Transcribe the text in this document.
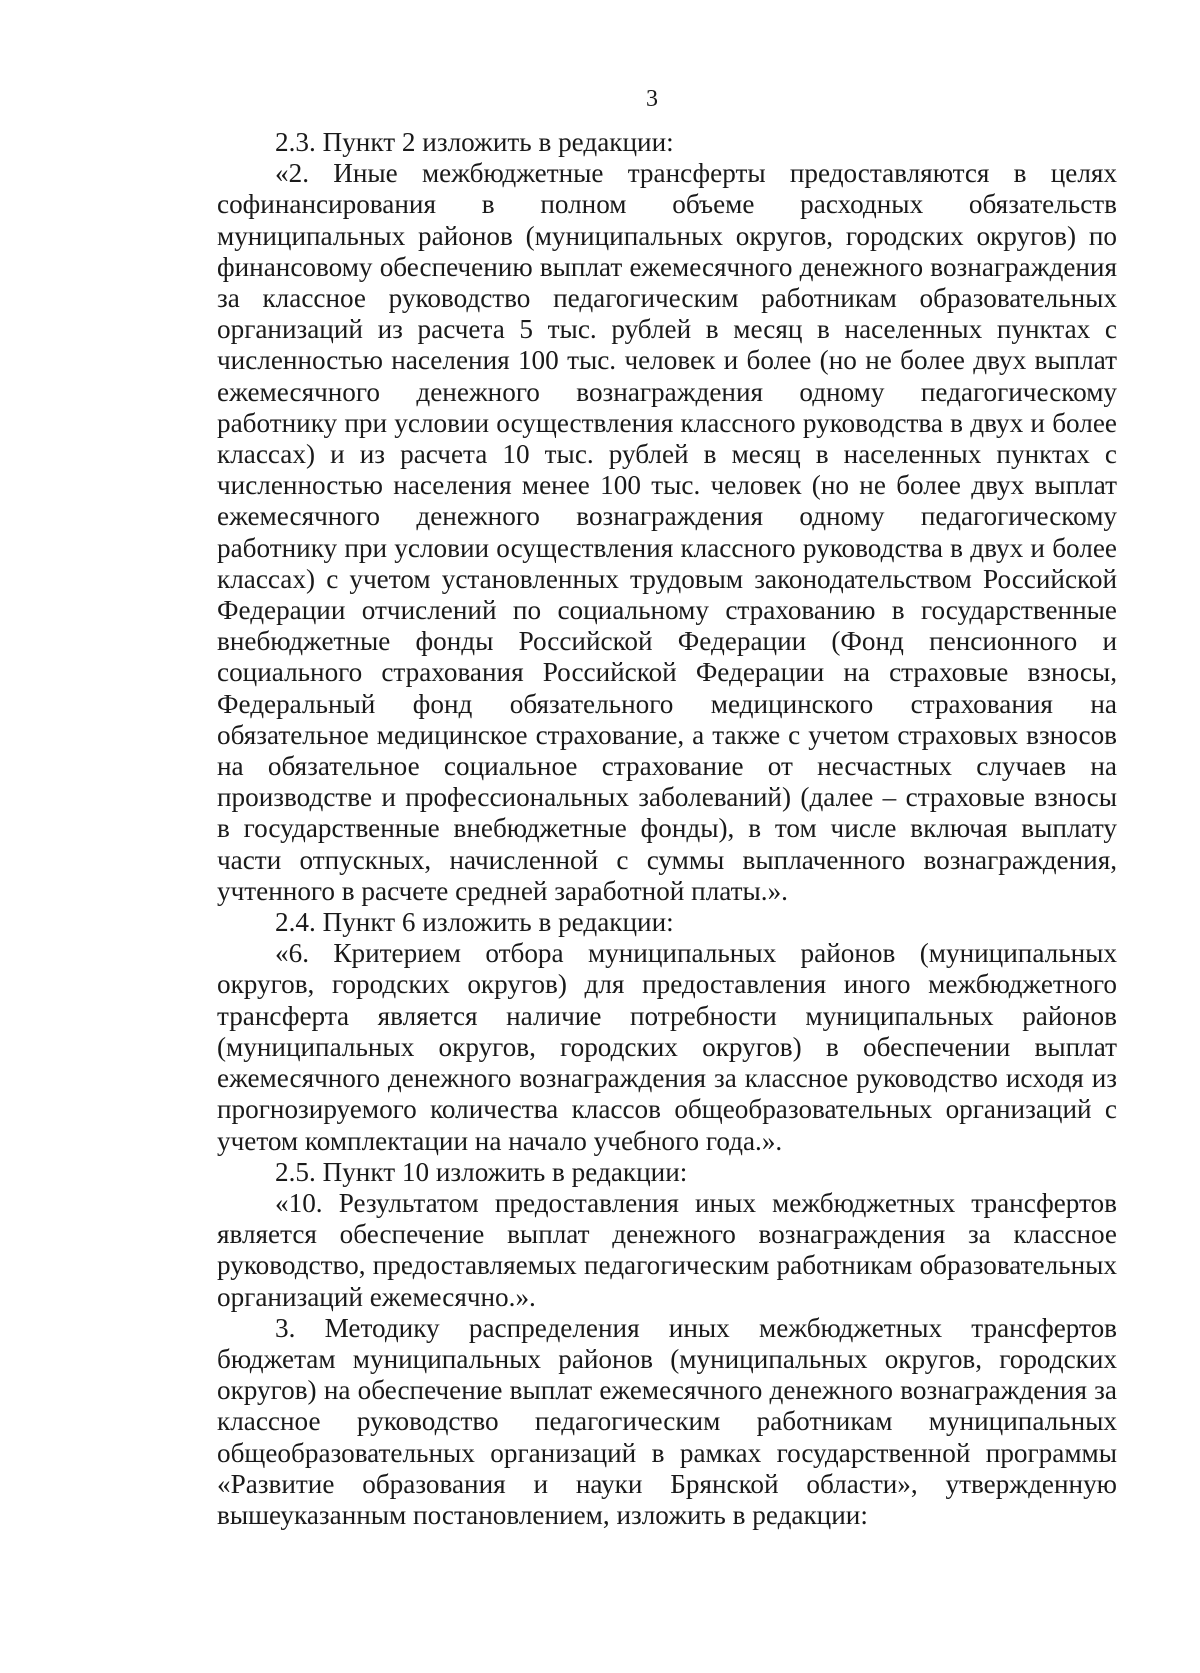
3

2.3. Пункт 2 изложить в редакции:

«2. Иные межбюджетные трансферты предоставляются в целях софинансирования в полном объеме расходных обязательств муниципальных районов (муниципальных округов, городских округов) по финансовому обеспечению выплат ежемесячного денежного вознаграждения за классное руководство педагогическим работникам образовательных организаций из расчета 5 тыс. рублей в месяц в населенных пунктах с численностью населения 100 тыс. человек и более (но не более двух выплат ежемесячного денежного вознаграждения одному педагогическому работнику при условии осуществления классного руководства в двух и более классах) и из расчета 10 тыс. рублей в месяц в населенных пунктах с численностью населения менее 100 тыс. человек (но не более двух выплат ежемесячного денежного вознаграждения одному педагогическому работнику при условии осуществления классного руководства в двух и более классах) с учетом установленных трудовым законодательством Российской Федерации отчислений по социальному страхованию в государственные внебюджетные фонды Российской Федерации (Фонд пенсионного и социального страхования Российской Федерации на страховые взносы, Федеральный фонд обязательного медицинского страхования на обязательное медицинское страхование, а также с учетом страховых взносов на обязательное социальное страхование от несчастных случаев на производстве и профессиональных заболеваний) (далее – страховые взносы в государственные внебюджетные фонды), в том числе включая выплату части отпускных, начисленной с суммы выплаченного вознаграждения, учтенного в расчете средней заработной платы.».

2.4. Пункт 6 изложить в редакции:

«6. Критерием отбора муниципальных районов (муниципальных округов, городских округов) для предоставления иного межбюджетного трансферта является наличие потребности муниципальных районов (муниципальных округов, городских округов) в обеспечении выплат ежемесячного денежного вознаграждения за классное руководство исходя из прогнозируемого количества классов общеобразовательных организаций с учетом комплектации на начало учебного года.».

2.5. Пункт 10 изложить в редакции:

«10. Результатом предоставления иных межбюджетных трансфертов является обеспечение выплат денежного вознаграждения за классное руководство, предоставляемых педагогическим работникам образовательных организаций ежемесячно.».

3. Методику распределения иных межбюджетных трансфертов бюджетам муниципальных районов (муниципальных округов, городских округов) на обеспечение выплат ежемесячного денежного вознаграждения за классное руководство педагогическим работникам муниципальных общеобразовательных организаций в рамках государственной программы «Развитие образования и науки Брянской области», утвержденную вышеуказанным постановлением, изложить в редакции:
